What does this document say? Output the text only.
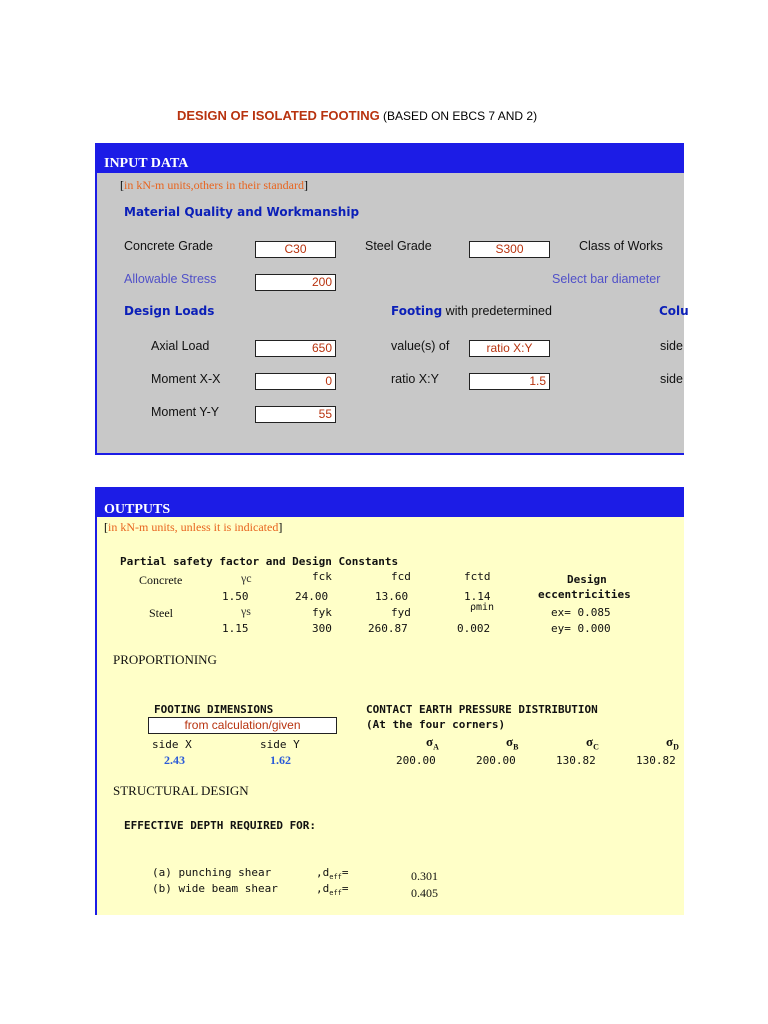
DESIGN OF ISOLATED FOOTING (BASED ON EBCS 7 AND 2)
INPUT DATA
[in kN-m units,others in their standard]
Material Quality and Workmanship
Concrete Grade	C30	Steel Grade	S300	Class of Works
Allowable Stress	200	Select bar diameter
Design Loads	Footing with predetermined	Colu
Axial Load	650	value(s) of	ratio X:Y	side
Moment X-X	0	ratio X:Y	1.5	side
Moment Y-Y	55
OUTPUTS
[in kN-m units, unless it is indicated]
Partial safety factor and Design Constants
Concrete	γc	fck	fcd	fctd	Design
eccentricities
1.50	24.00	13.60	1.14
Steel	γs	fyk	fyd	ρmin	ex= 0.085
1.15	300	260.87	0.002	ey= 0.000
PROPORTIONING
FOOTING DIMENSIONS
from calculation/given
side X	side Y
2.43	1.62
CONTACT EARTH PRESSURE DISTRIBUTION
(At the four corners)
$\sigma_A$	$\sigma_B$	$\sigma_C$	$\sigma_D$
200.00	200.00	130.82	130.82
STRUCTURAL DESIGN
EFFECTIVE DEPTH REQUIRED FOR:
(a) punching shear	$,d_{eff}=$	0.301
(b) wide beam shear	$,d_{eff}=$	0.405
